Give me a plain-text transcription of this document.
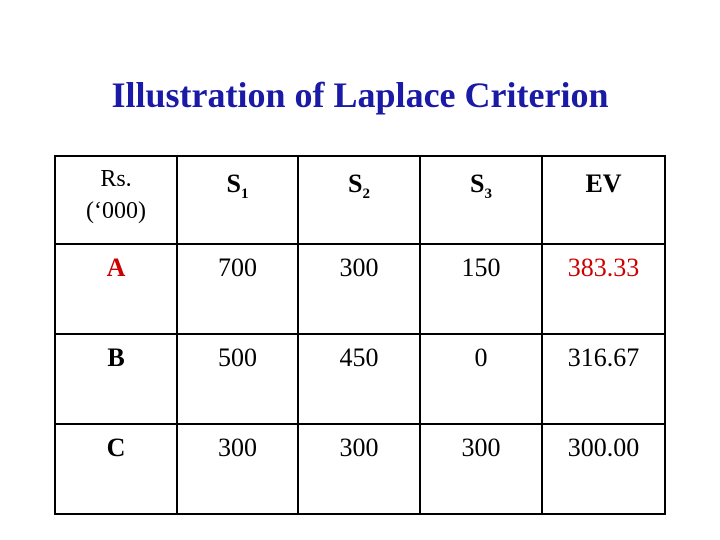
Illustration of Laplace Criterion
Rs.
(‘000)	$S_1$	$S_2$	$S_3$	EV

A	700	300	150	383.33

B	500	450	0	316.67

C	300	300	300	300.00
